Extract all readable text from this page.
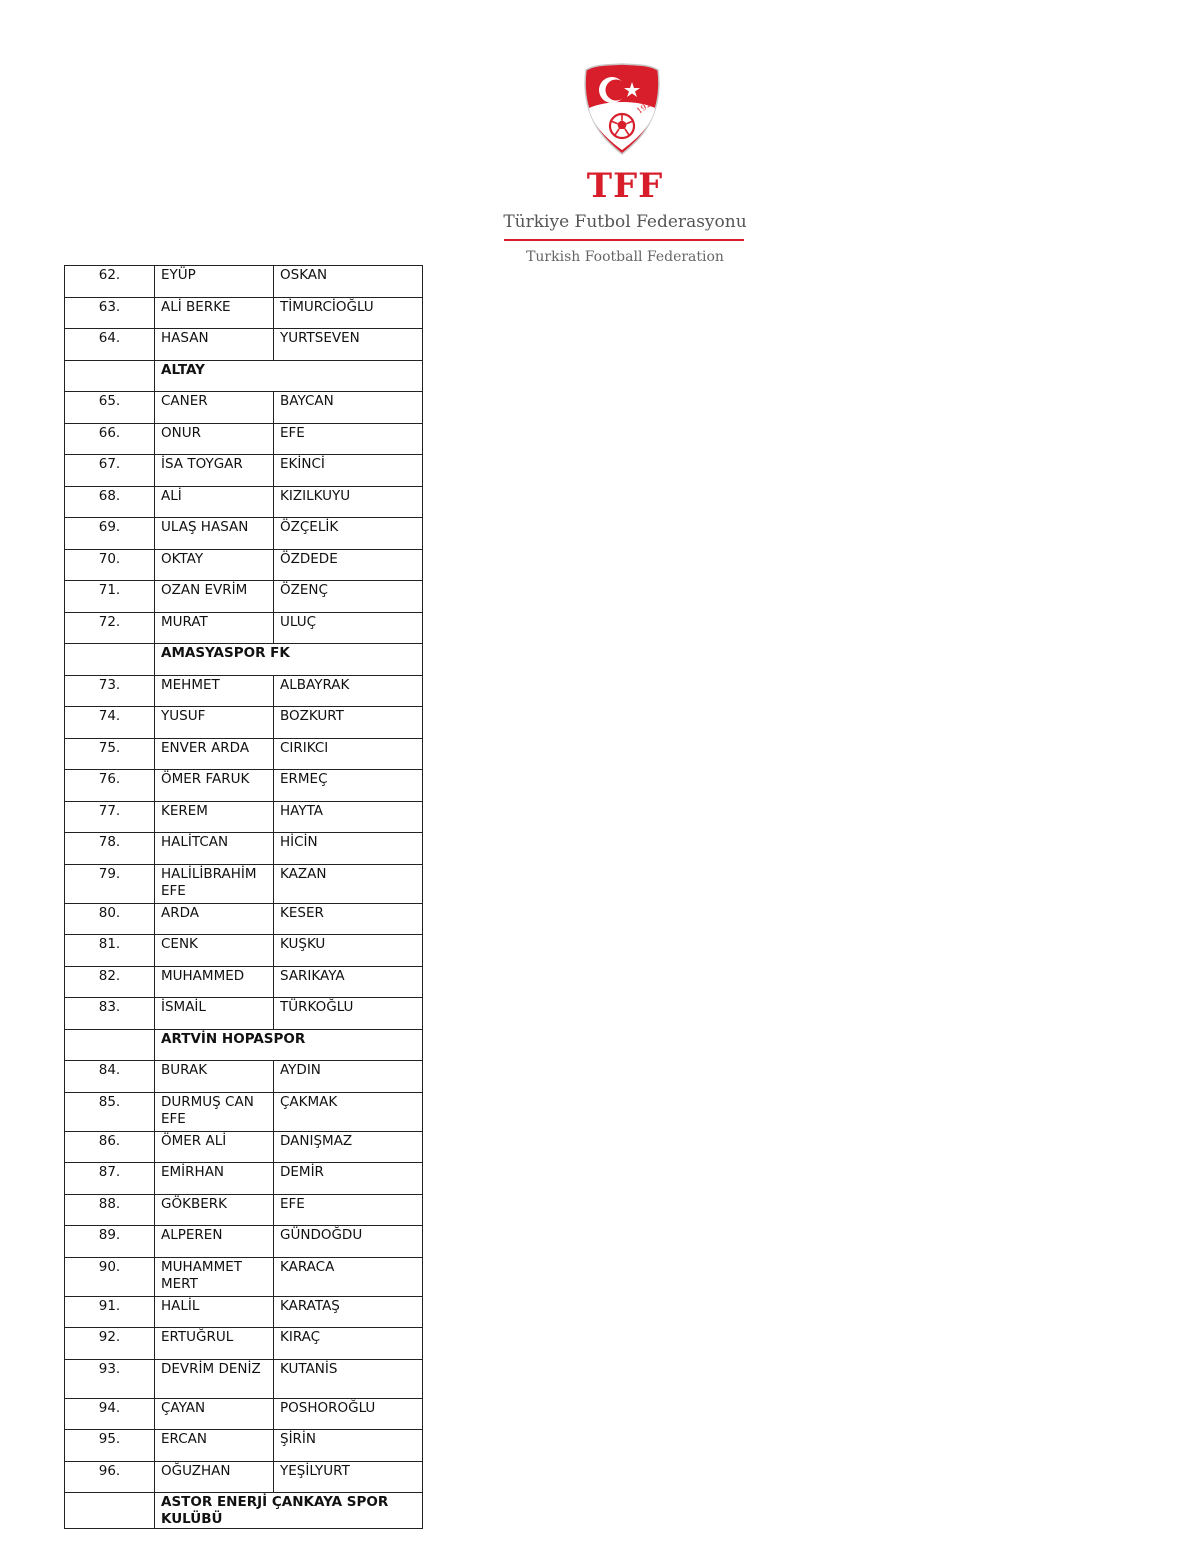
1923
TFF
Türkiye Futbol Federasyonu
Turkish Football Federation
62.	EYÜP	OSKAN
63.	ALİ BERKE	TİMURCİOĞLU
64.	HASAN	YURTSEVEN
	ALTAY	
65.	CANER	BAYCAN
66.	ONUR	EFE
67.	İSA TOYGAR	EKİNCİ
68.	ALİ	KIZILKUYU
69.	ULAŞ HASAN	ÖZÇELİK
70.	OKTAY	ÖZDEDE
71.	OZAN EVRİM	ÖZENÇ
72.	MURAT	ULUÇ
	AMASYASPOR FK	
73.	MEHMET	ALBAYRAK
74.	YUSUF	BOZKURT
75.	ENVER ARDA	CIRIKCI
76.	ÖMER FARUK	ERMEÇ
77.	KEREM	HAYTA
78.	HALİTCAN	HİCİN
79.	HALİLİBRAHİM EFE	KAZAN
80.	ARDA	KESER
81.	CENK	KUŞKU
82.	MUHAMMED	SARIKAYA
83.	İSMAİL	TÜRKOĞLU
	ARTVİN HOPASPOR	
84.	BURAK	AYDIN
85.	DURMUŞ CAN EFE	ÇAKMAK
86.	ÖMER ALİ	DANIŞMAZ
87.	EMİRHAN	DEMİR
88.	GÖKBERK	EFE
89.	ALPEREN	GÜNDOĞDU
90.	MUHAMMET MERT	KARACA
91.	HALİL	KARATAŞ
92.	ERTUĞRUL	KIRAÇ
93.	DEVRİM DENİZ	KUTANİS
94.	ÇAYAN	POSHOROĞLU
95.	ERCAN	ŞİRİN
96.	OĞUZHAN	YEŞİLYURT
	ASTOR ENERJİ ÇANKAYA SPOR KULÜBÜ	
